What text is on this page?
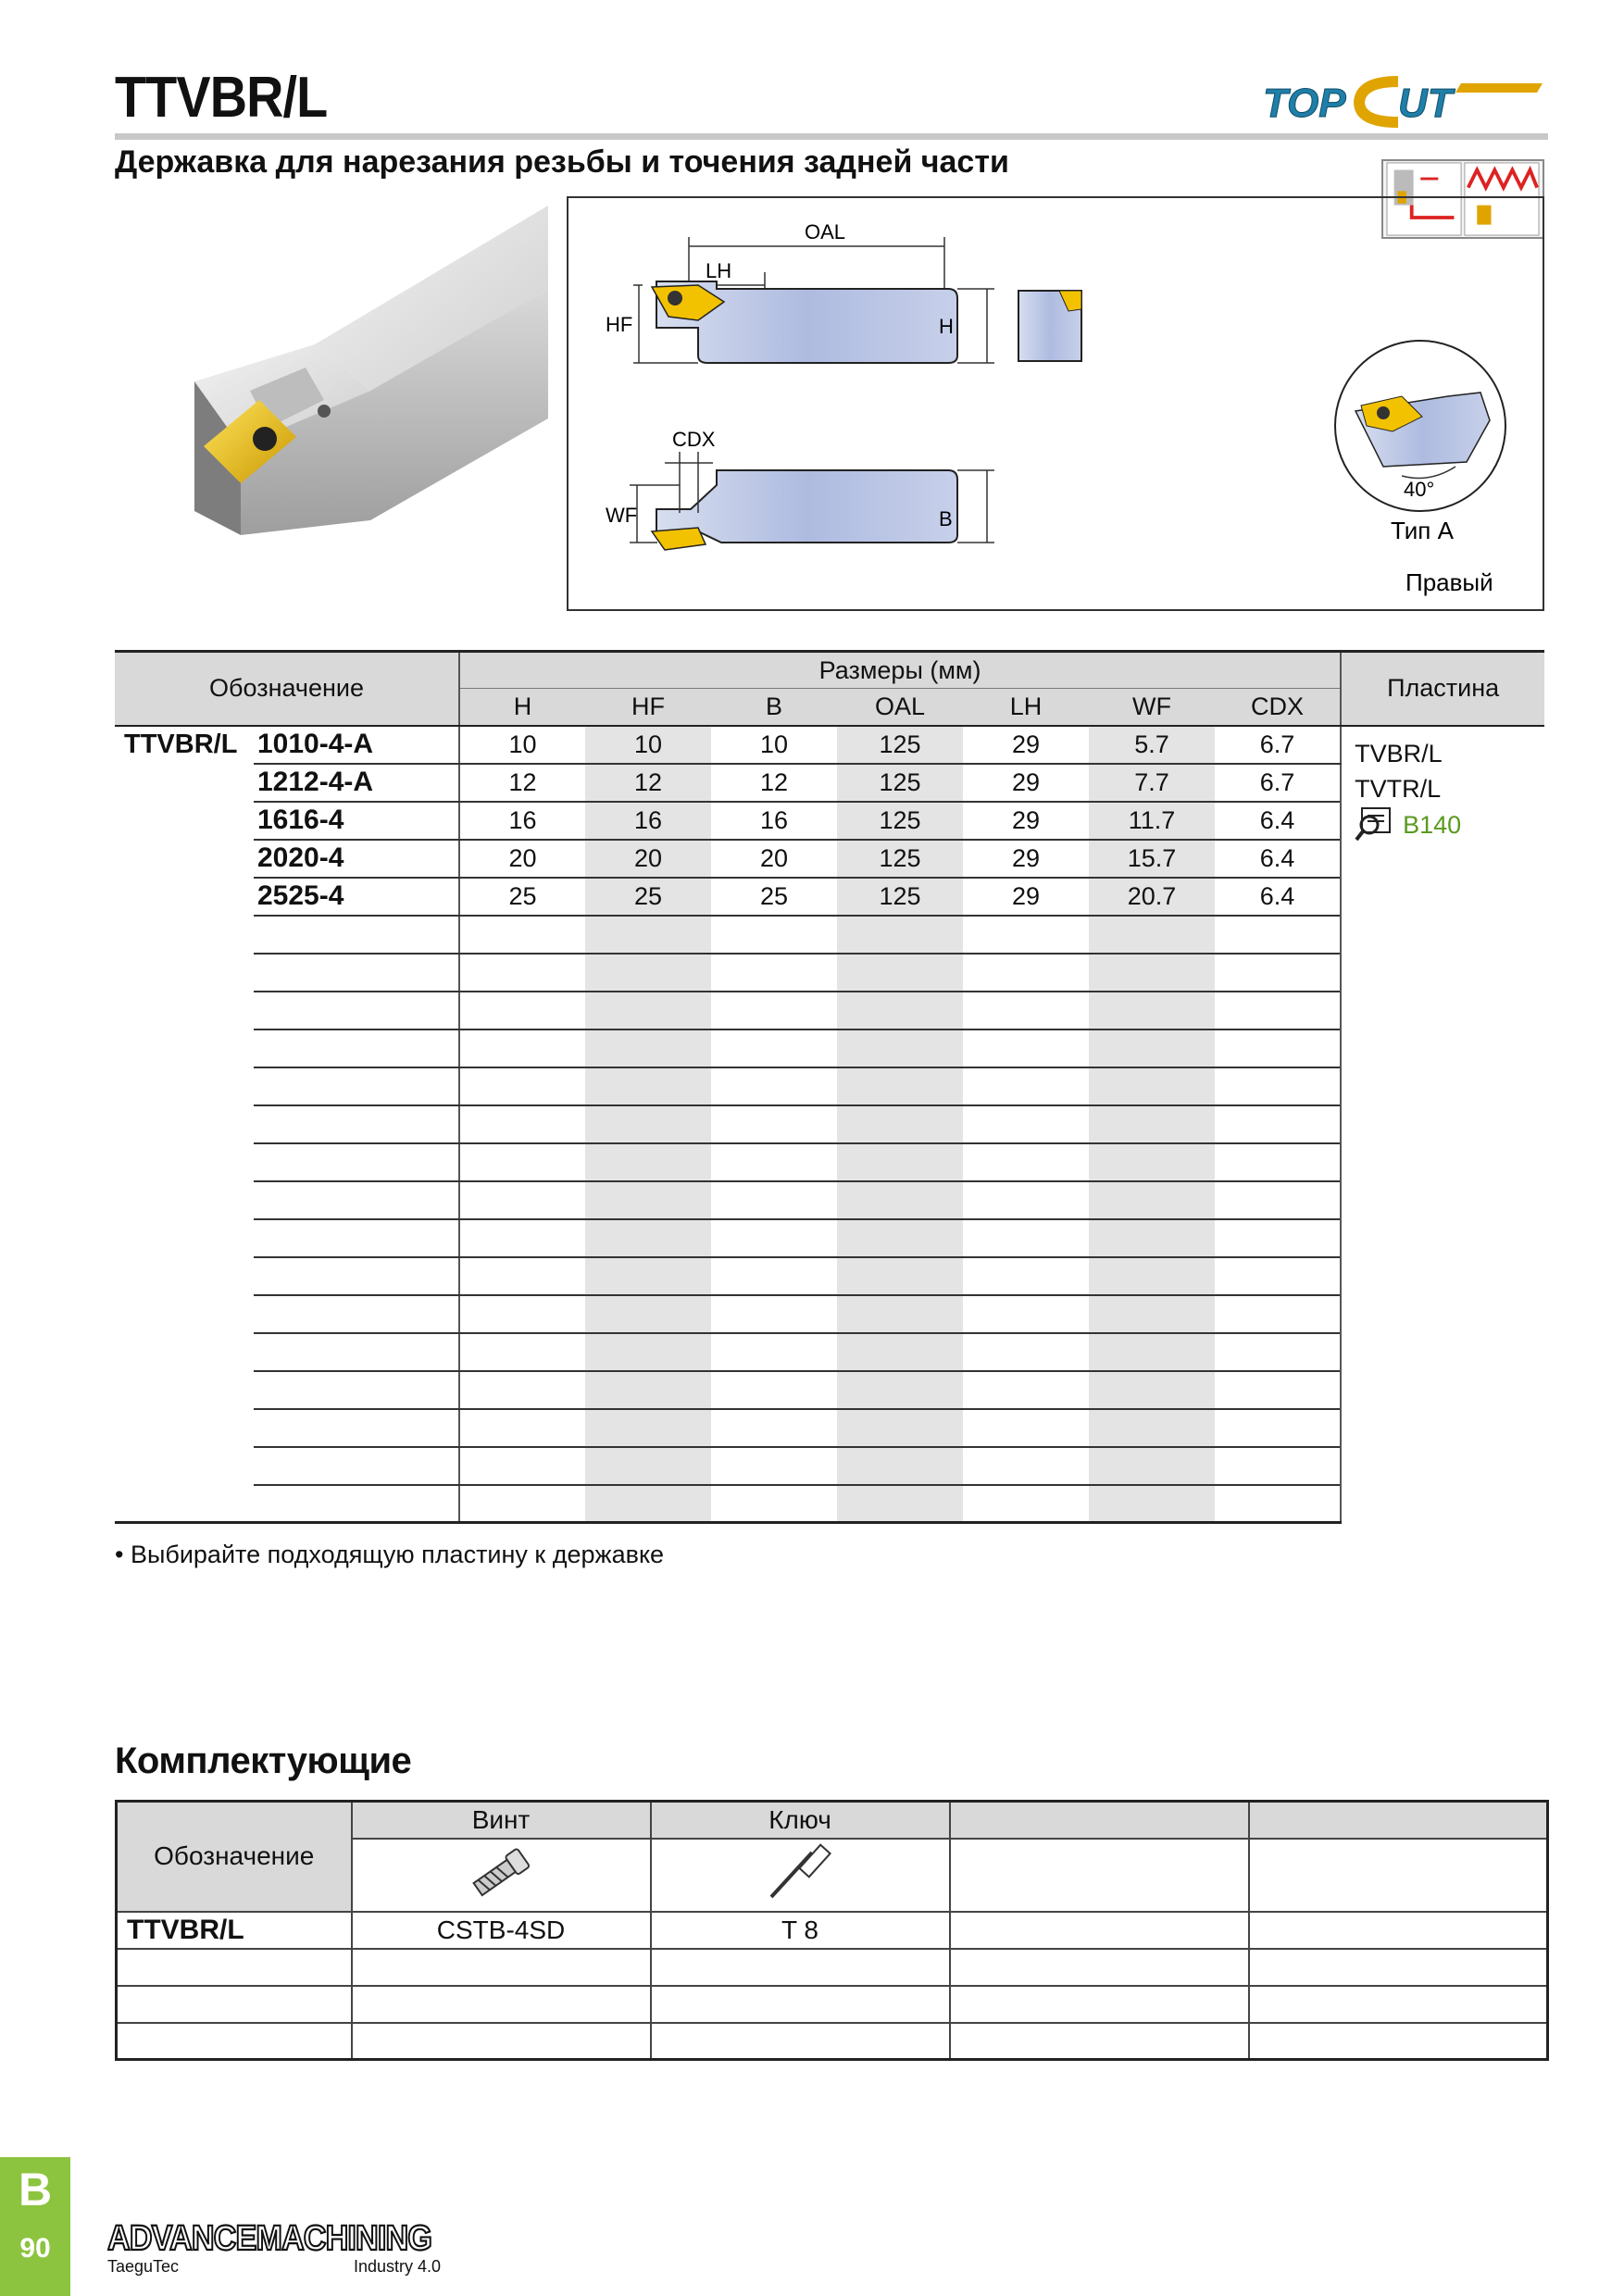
TTVBR/L	TOP UT
Державка для нарезания резьбы и точения задней части
OAL
LH
HF	H
CDX
WF	B
40°
Тип A
Правый
Обозначение		Размеры (мм)							Пластина
		H	HF	B	OAL	LH	WF	CDX	
TTVBR/L	1010-4-A	10	10	10	125	29	5.7	6.7	TVBR/L
TVTR/L
B140

	1212-4-A	12	12	12	125	29	7.7	6.7	
	1616-4	16	16	16	125	29	11.7	6.4	
	2020-4	20	20	20	125	29	15.7	6.4	
	2525-4	25	25	25	125	29	20.7	6.4	

• Выбирайте подходящую пластину к державке
Комплектующие
Обозначение	Винт	Ключ		

TTVBR/L	CSTB-4SD	T 8		

B
90	ADVANCEMACHINING
TaeguTec	Industry 4.0
